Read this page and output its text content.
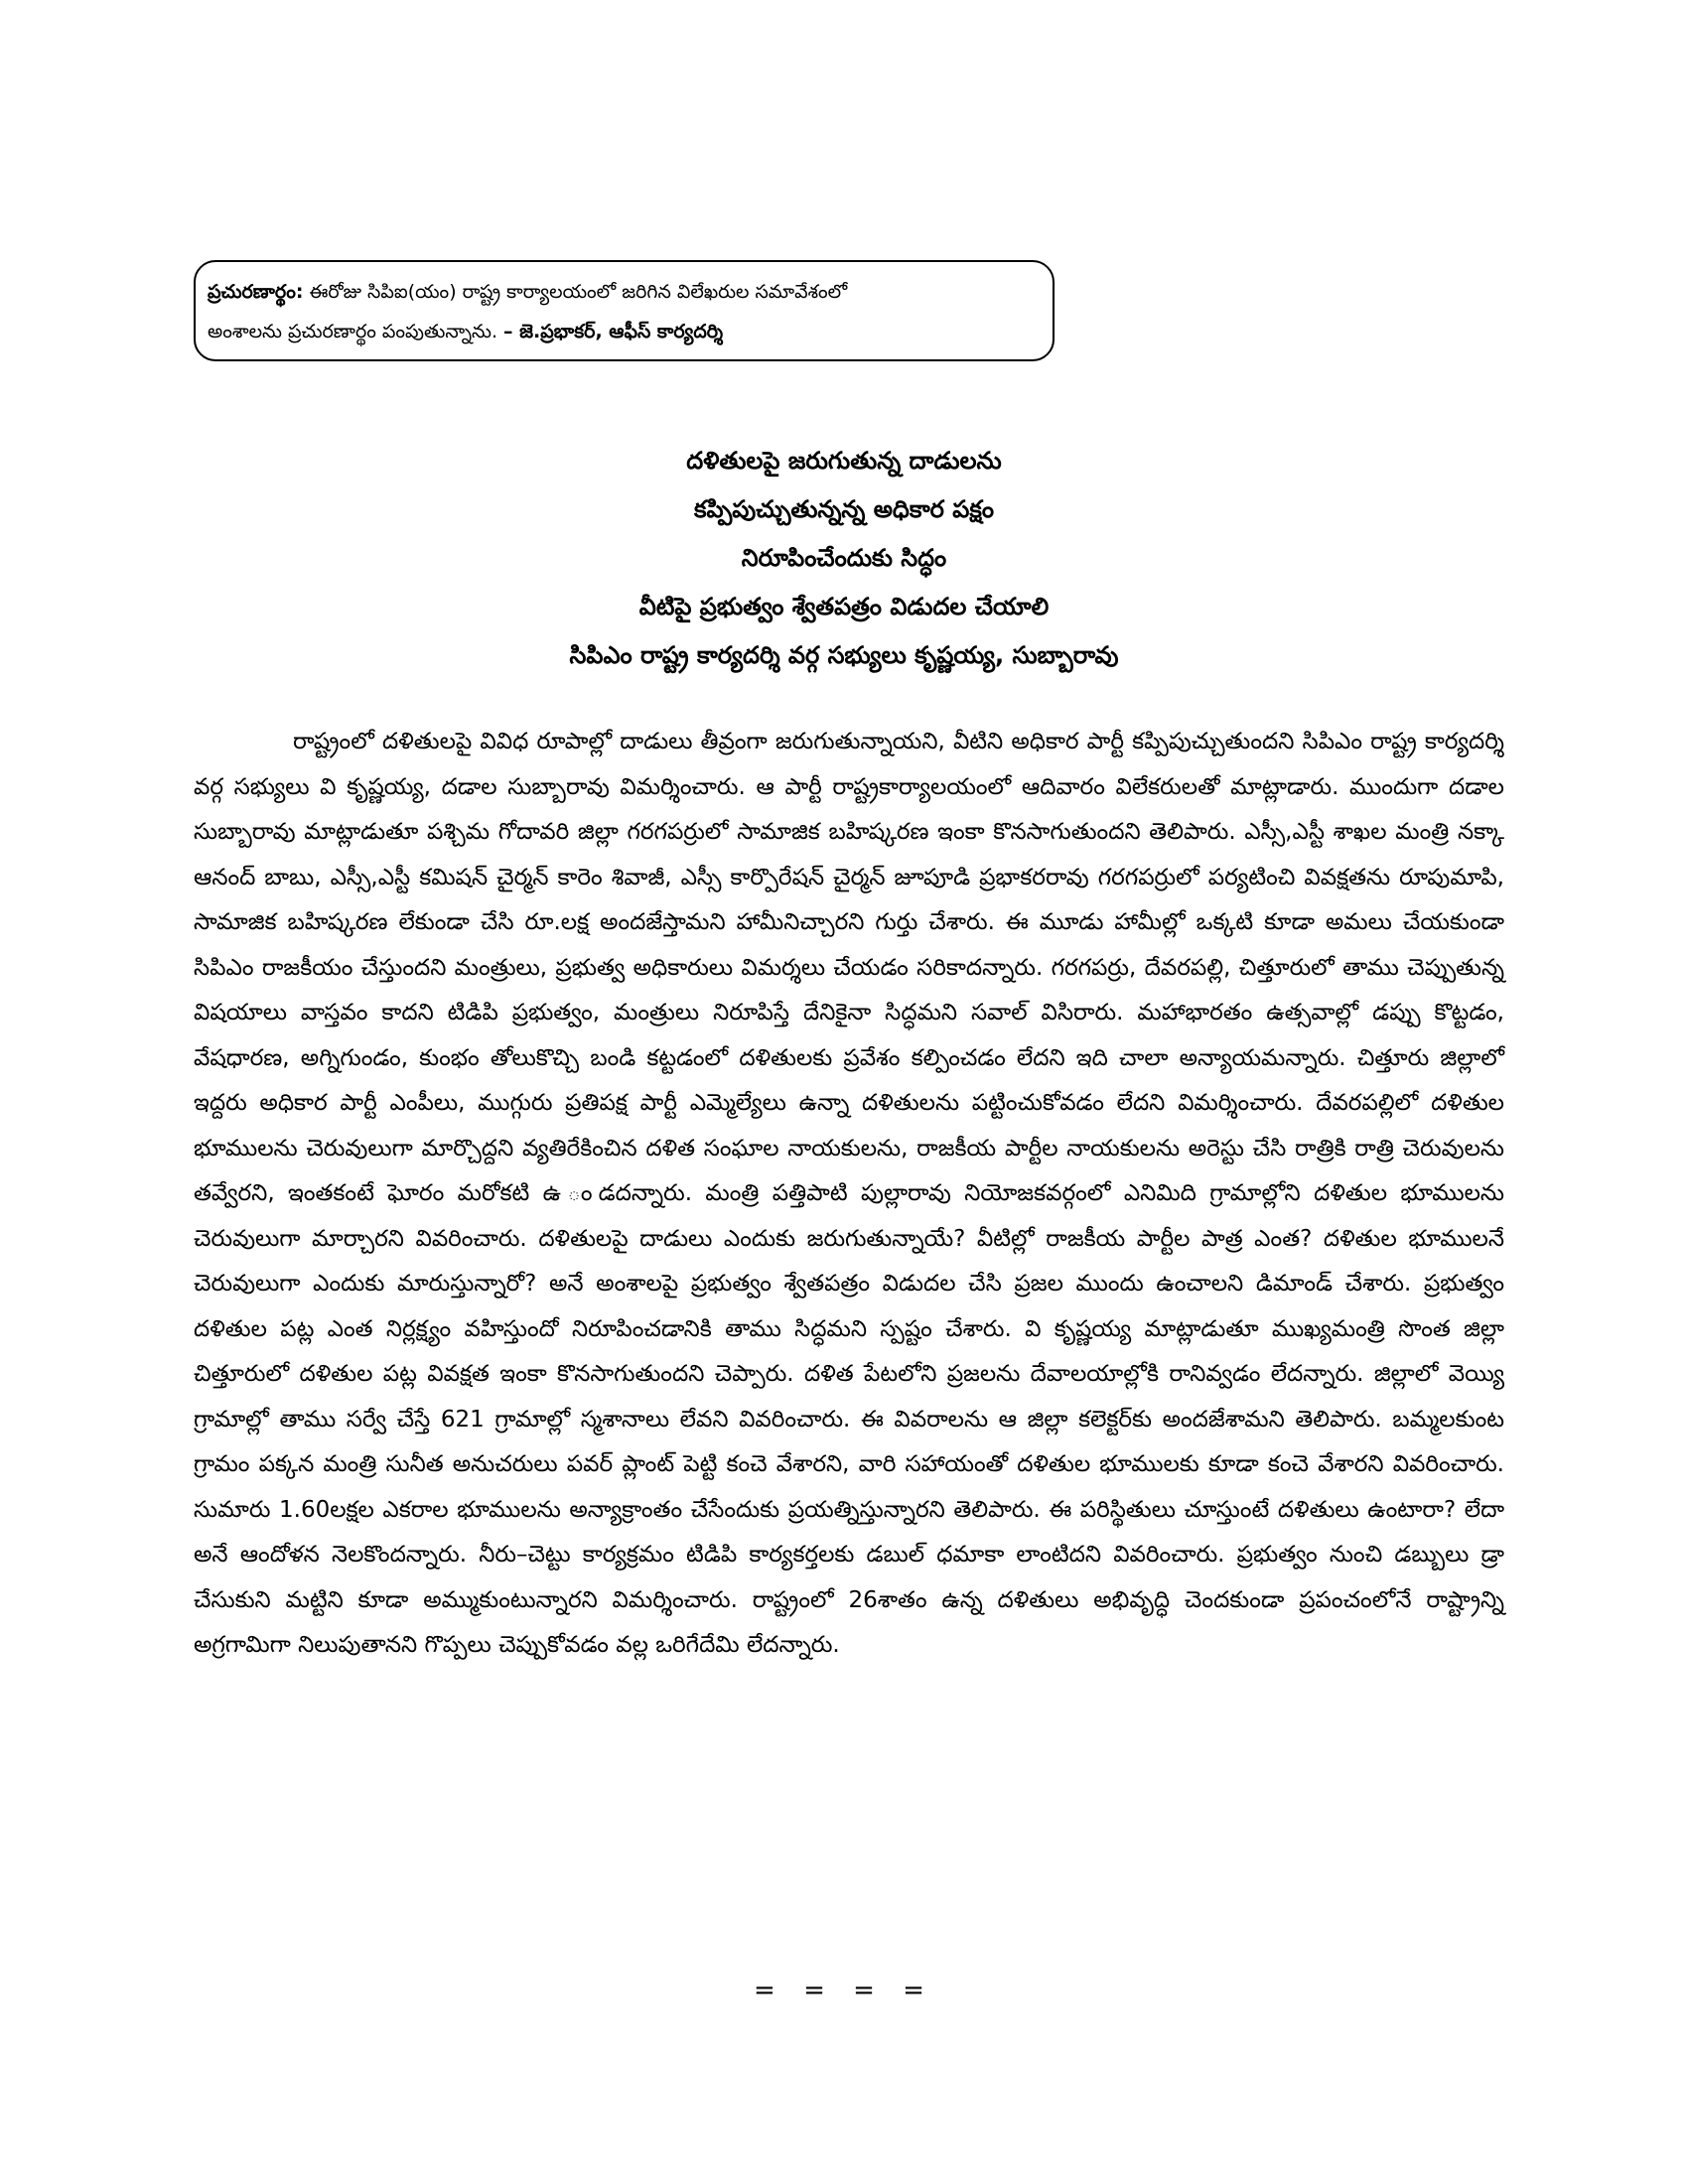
ప్రచురణార్థం: ఈరోజు సిపిఐ(యం) రాష్ట్ర కార్యాలయంలో జరిగిన విలేఖరుల సమావేశంలో
అంశాలను ప్రచురణార్థం పంపుతున్నాను. – జె.ప్రభాకర్, ఆఫీస్ కార్యదర్శి
దళితులపై జరుగుతున్న దాడులను
కప్పిపుచ్చుతున్నన్న అధికార పక్షం
నిరూపించేందుకు సిద్ధం
వీటిపై ప్రభుత్వం శ్వేతపత్రం విడుదల చేయాలి
సిపిఎం రాష్ట్ర కార్యదర్శి వర్గ సభ్యులు కృష్ణయ్య, సుబ్బారావు

రాష్ట్రంలో దళితులపై వివిధ రూపాల్లో దాడులు తీవ్రంగా జరుగుతున్నాయని, వీటిని అధికార పార్టీ కప్పిపుచ్చుతుందని సిపిఎం రాష్ట్ర కార్యదర్శి వర్గ సభ్యులు వి కృష్ణయ్య, దడాల సుబ్బారావు విమర్శించారు. ఆ పార్టీ రాష్ట్రకార్యాలయంలో ఆదివారం విలేకరులతో మాట్లాడారు. ముందుగా దడాల సుబ్బారావు మాట్లాడుతూ పశ్చిమ గోదావరి జిల్లా గరగపర్రులో సామాజిక బహిష్కరణ ఇంకా కొనసాగుతుందని తెలిపారు. ఎస్సీ,ఎస్టీ శాఖల మంత్రి నక్కా ఆనంద్ బాబు, ఎస్సీ,ఎస్టీ కమిషన్ చైర్మన్ కారెం శివాజీ, ఎస్సీ కార్పొరేషన్ చైర్మన్ జూపూడి ప్రభాకరరావు గరగపర్రులో పర్యటించి వివక్షతను రూపుమాపి, సామాజిక బహిష్కరణ లేకుండా చేసి రూ.లక్ష అందజేస్తామని హామీనిచ్చారని గుర్తు చేశారు. ఈ మూడు హామీల్లో ఒక్కటి కూడా అమలు చేయకుండా సిపిఎం రాజకీయం చేస్తుందని మంత్రులు, ప్రభుత్వ అధికారులు విమర్శలు చేయడం సరికాదన్నారు. గరగపర్రు, దేవరపల్లి, చిత్తూరులో తాము చెప్పుతున్న విషయాలు వాస్తవం కాదని టిడిపి ప్రభుత్వం, మంత్రులు నిరూపిస్తే దేనికైనా సిద్ధమని సవాల్ విసిరారు. మహాభారతం ఉత్సవాల్లో డప్పు కొట్టడం, వేషధారణ, అగ్నిగుండం, కుంభం తోలుకొచ్చి బండి కట్టడంలో దళితులకు ప్రవేశం కల్పించడం లేదని ఇది చాలా అన్యాయమన్నారు. చిత్తూరు జిల్లాలో ఇద్దరు అధికార పార్టీ ఎంపీలు, ముగ్గురు ప్రతిపక్ష పార్టీ ఎమ్మెల్యేలు ఉన్నా దళితులను పట్టించుకోవడం లేదని విమర్శించారు. దేవరపల్లిలో దళితుల భూములను చెరువులుగా మార్చొద్దని వ్యతిరేకించిన దళిత సంఘాల నాయకులను, రాజకీయ పార్టీల నాయకులను అరెస్టు చేసి రాత్రికి రాత్రి చెరువులను తవ్వేరని, ఇంతకంటే ఘోరం మరోకటి ఉ ండదన్నారు. మంత్రి పత్తిపాటి పుల్లారావు నియోజకవర్గంలో ఎనిమిది గ్రామాల్లోని దళితుల భూములను చెరువులుగా మార్చారని వివరించారు. దళితులపై దాడులు ఎందుకు జరుగుతున్నాయే? వీటిల్లో రాజకీయ పార్టీల పాత్ర ఎంత? దళితుల భూములనే చెరువులుగా ఎందుకు మారుస్తున్నారో? అనే అంశాలపై ప్రభుత్వం శ్వేతపత్రం విడుదల చేసి ప్రజల ముందు ఉంచాలని డిమాండ్ చేశారు. ప్రభుత్వం దళితుల పట్ల ఎంత నిర్లక్ష్యం వహిస్తుందో నిరూపించడానికి తాము సిద్ధమని స్పష్టం చేశారు. వి కృష్ణయ్య మాట్లాడుతూ ముఖ్యమంత్రి సొంత జిల్లా చిత్తూరులో దళితుల పట్ల వివక్షత ఇంకా కొనసాగుతుందని చెప్పారు. దళిత పేటలోని ప్రజలను దేవాలయాల్లోకి రానివ్వడం లేదన్నారు. జిల్లాలో వెయ్యి గ్రామాల్లో తాము సర్వే చేస్తే 621 గ్రామాల్లో స్మశానాలు లేవని వివరించారు. ఈ వివరాలను ఆ జిల్లా కలెక్టర్‌కు అందజేశామని తెలిపారు. బమ్మలకుంట గ్రామం పక్కన మంత్రి సునీత అనుచరులు పవర్ ప్లాంట్ పెట్టి కంచె వేశారని, వారి సహాయంతో దళితుల భూములకు కూడా కంచె వేశారని వివరించారు. సుమారు 1.60లక్షల ఎకరాల భూములను అన్యాక్రాంతం చేసేందుకు ప్రయత్నిస్తున్నారని తెలిపారు. ఈ పరిస్థితులు చూస్తుంటే దళితులు ఉంటారా? లేదా అనే ఆందోళన నెలకొందన్నారు. నీరు–చెట్టు కార్యక్రమం టిడిపి కార్యకర్తలకు డబుల్ ధమాకా లాంటిదని వివరించారు. ప్రభుత్వం నుంచి డబ్బులు డ్రా చేసుకుని మట్టిని కూడా అమ్ముకుంటున్నారని విమర్శించారు. రాష్ట్రంలో 26శాతం ఉన్న దళితులు అభివృద్ధి చెందకుండా ప్రపంచంలోనే రాష్ట్రాన్ని అగ్రగామిగా నిలుపుతానని గొప్పలు చెప్పుకోవడం వల్ల ఒరిగేదేమి లేదన్నారు.

= = = =
